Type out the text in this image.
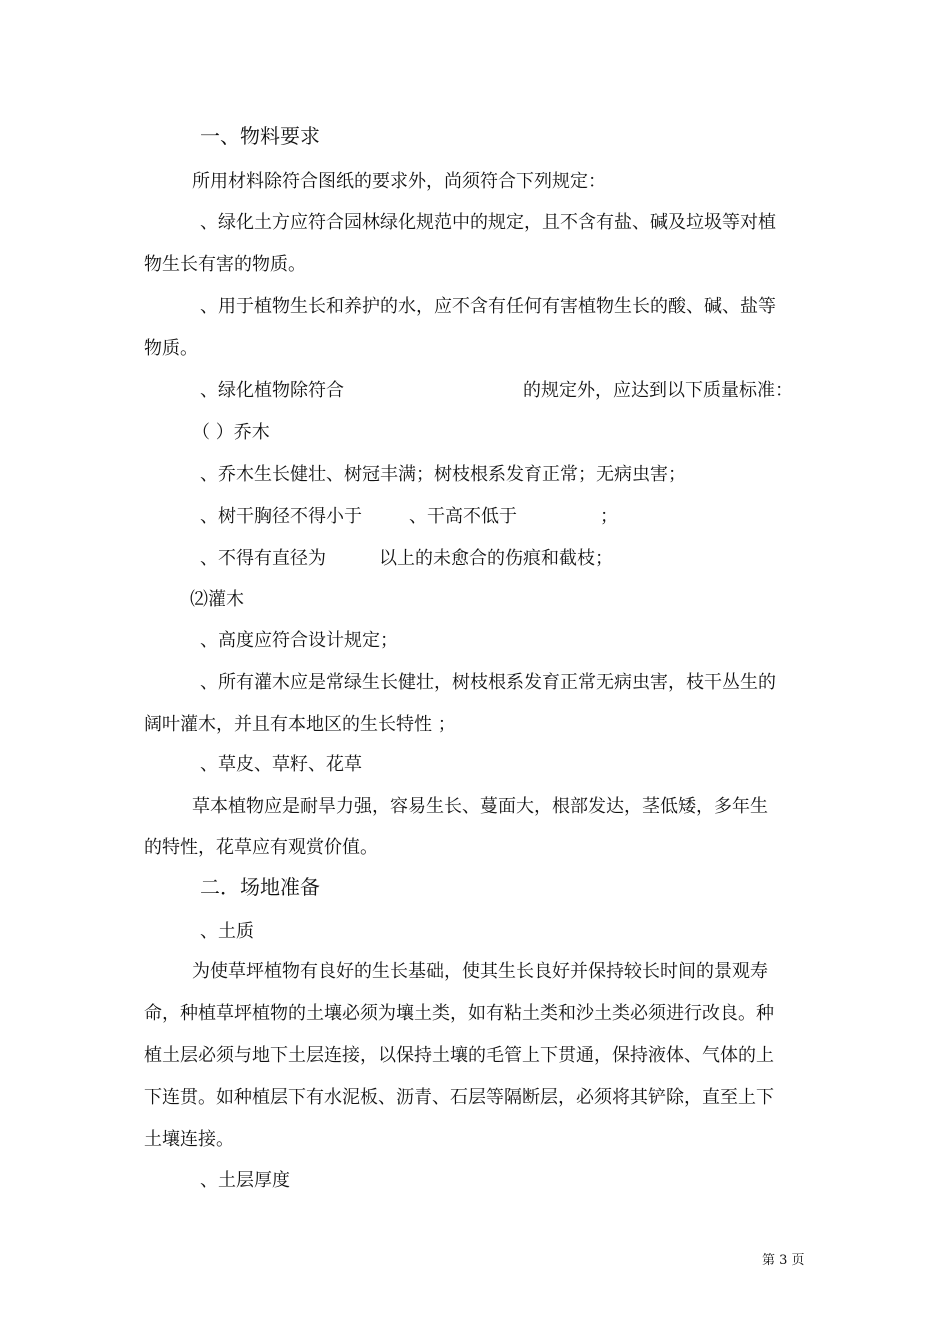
一、物料要求
所用材料除符合图纸的要求外，尚须符合下列规定：
、绿化土方应符合园林绿化规范中的规定，且不含有盐、碱及垃圾等对植
物生长有害的物质。
、用于植物生长和养护的水，应不含有任何有害植物生长的酸、碱、盐等
物质。
、绿化植物除符合	的规定外，应达到以下质量标准：
（ ）乔木
、乔木生长健壮、树冠丰满；树枝根系发育正常；无病虫害；
、树干胸径不得小于	、干高不低于	；
、不得有直径为	以上的未愈合的伤痕和截枝；
⑵灌木
、高度应符合设计规定；
、所有灌木应是常绿生长健壮，树枝根系发育正常无病虫害，枝干丛生的
阔叶灌木，并且有本地区的生长特性 ；
、草皮、草籽、花草
草本植物应是耐旱力强，容易生长、蔓面大，根部发达，茎低矮，多年生
的特性，花草应有观赏价值。
二．场地准备
、土质
为使草坪植物有良好的生长基础，使其生长良好并保持较长时间的景观寿
命，种植草坪植物的土壤必须为壤土类，如有粘土类和沙土类必须进行改良。种
植土层必须与地下土层连接，以保持土壤的毛管上下贯通，保持液体、气体的上
下连贯。如种植层下有水泥板、沥青、石层等隔断层，必须将其铲除，直至上下
土壤连接。
、土层厚度
第 3 页
